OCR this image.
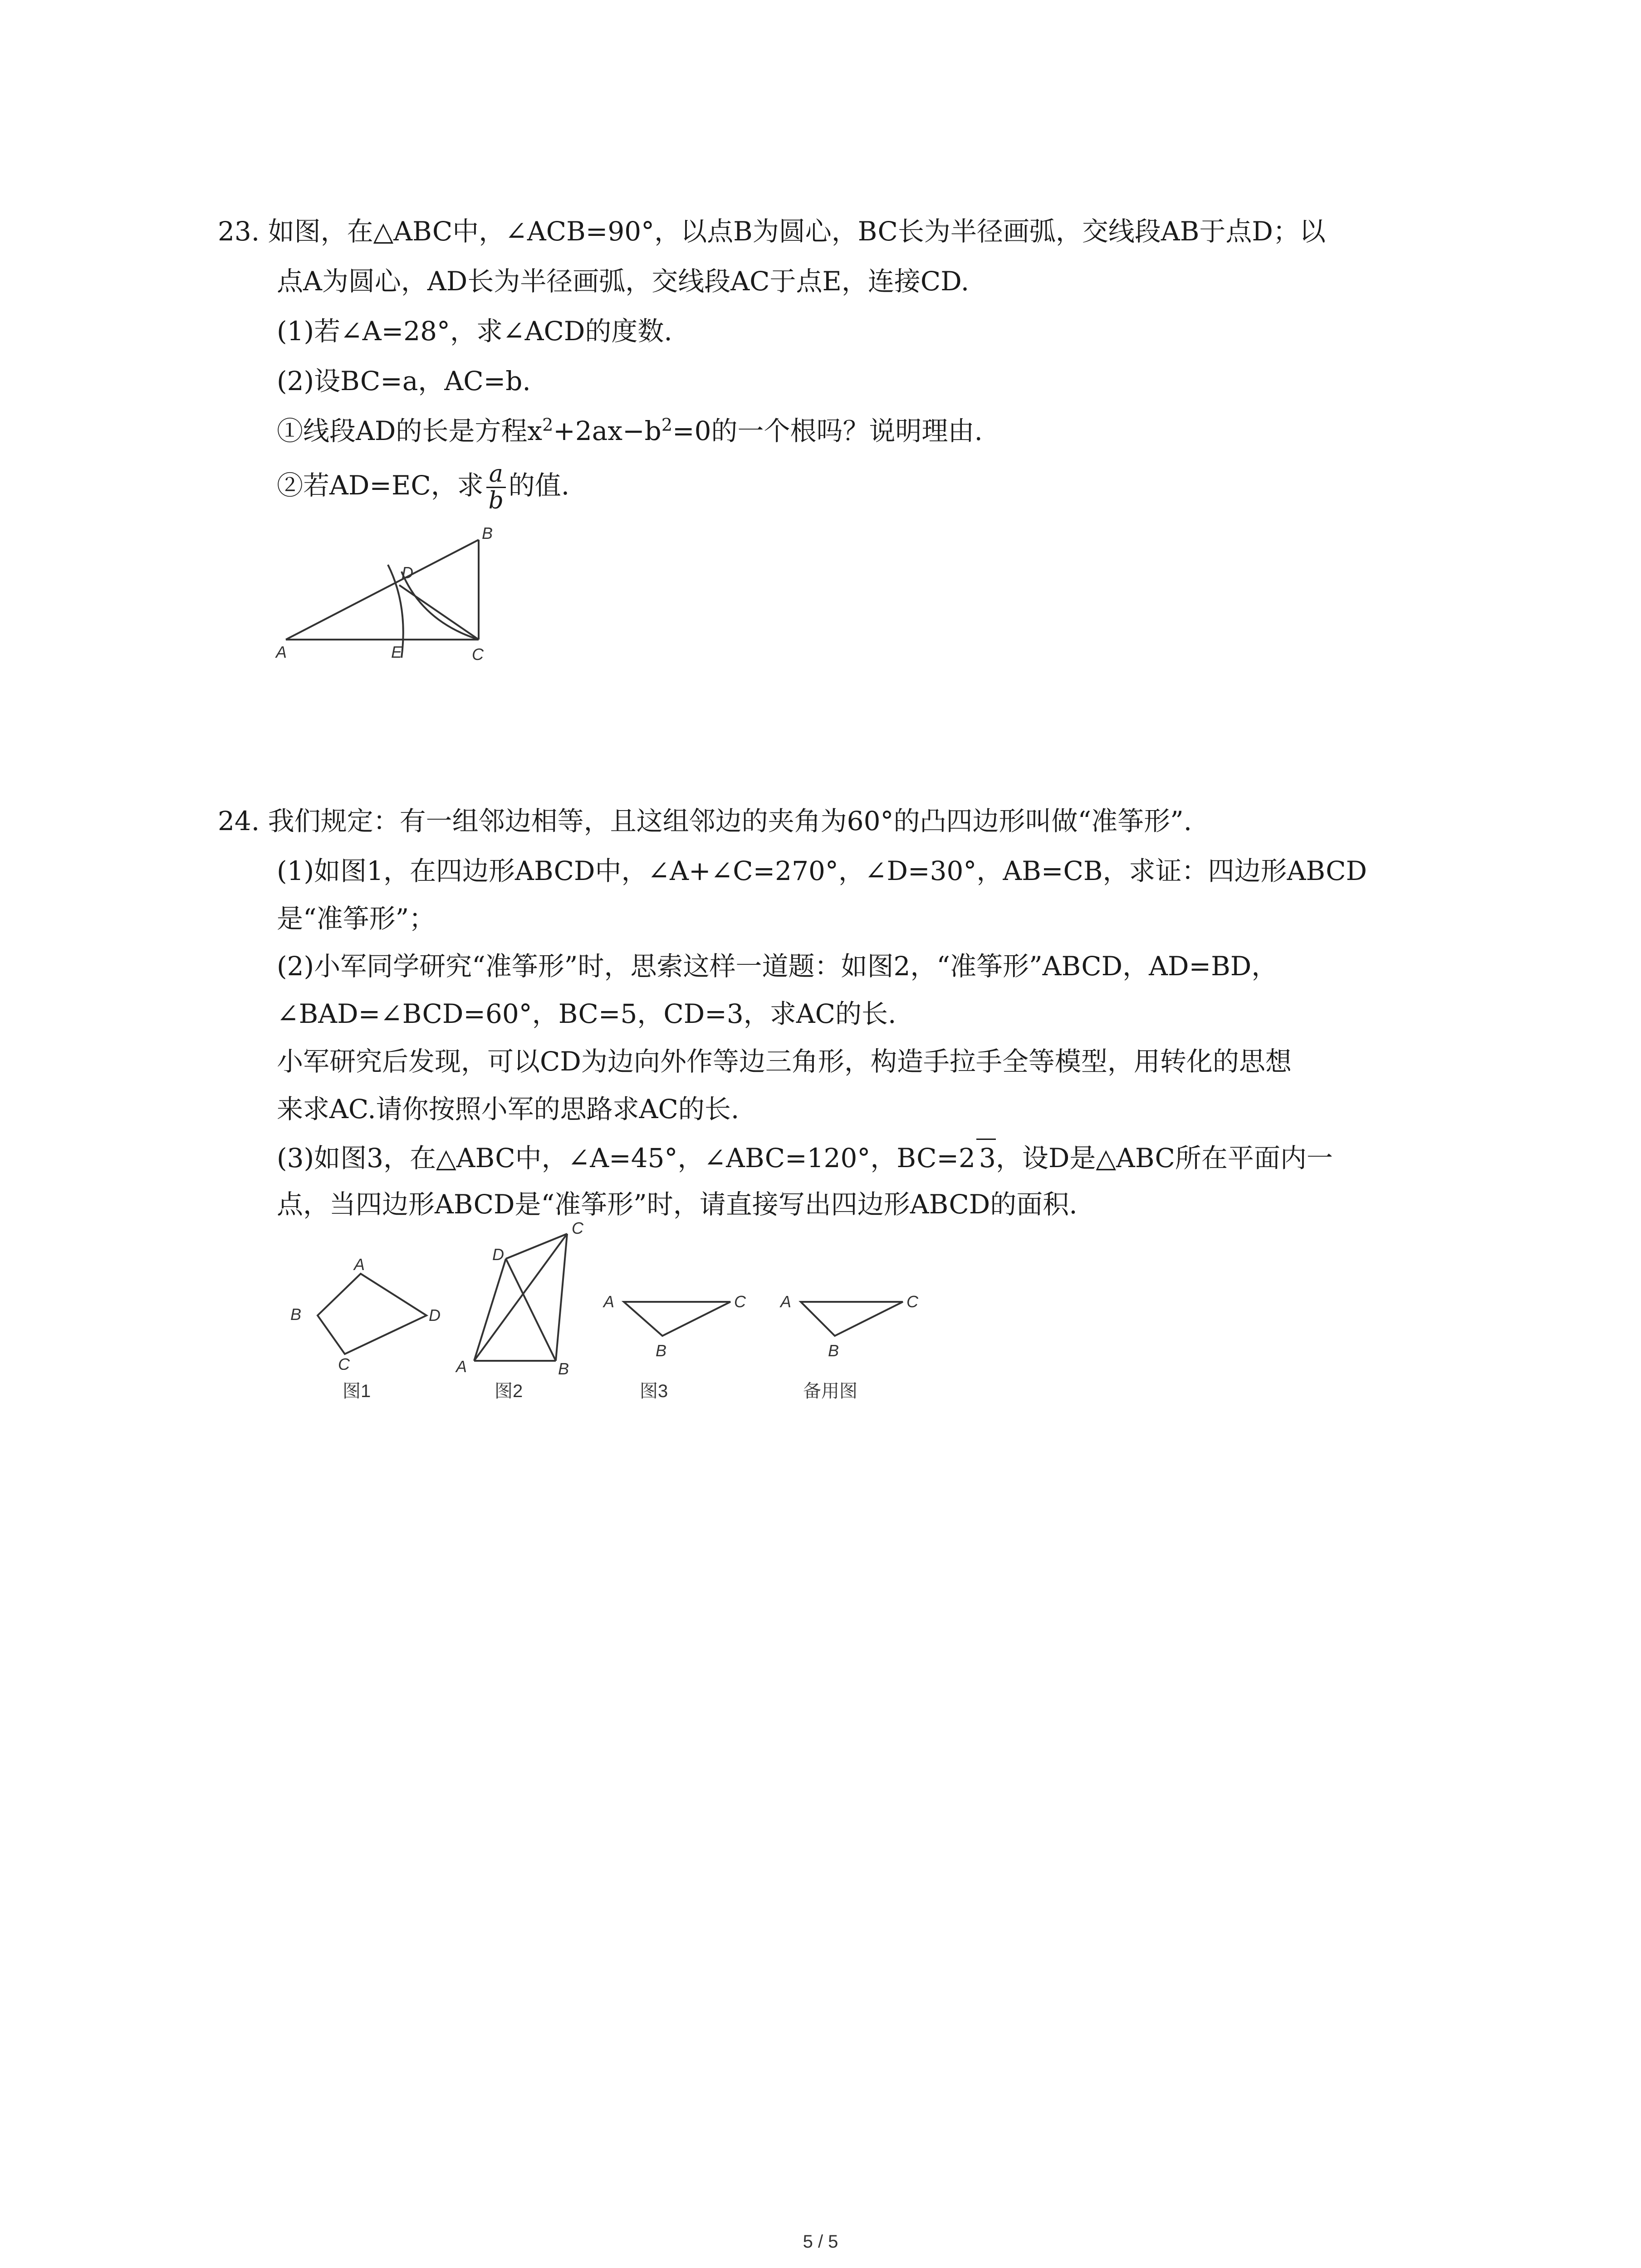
23. 如图，在△ABC中，∠ACB=90°，以点B为圆心，BC长为半径画弧，交线段AB于点D；以
点A为圆心，AD长为半径画弧，交线段AC于点E，连接CD.
(1)若∠A=28°，求∠ACD的度数.
(2)设BC=a，AC=b.
①线段AD的长是方程$x^2+2ax-b^2=0$的一个根吗？说明理由.
②若AD=EC，求 $\frac{a}{b}$ 的值.
A
B
C
D
E
24. 我们规定：有一组邻边相等，且这组邻边的夹角为60°的凸四边形叫做“准筝形”.
(1)如图1，在四边形ABCD中，∠A+∠C=270°，∠D=30°，AB=CB，求证：四边形ABCD
是“准筝形”；
(2)小军同学研究“准筝形”时，思索这样一道题：如图2，“准筝形”ABCD，AD=BD，
∠BAD=∠BCD=60°，BC=5，CD=3，求AC的长.
小军研究后发现，可以CD为边向外作等边三角形，构造手拉手全等模型，用转化的思想
来求AC.请你按照小军的思路求AC的长.
(3)如图3，在△ABC中，∠A=45°，∠ABC=120°，BC=2 3，设D是△ABC所在平面内一
点，当四边形ABCD是“准筝形”时，请直接写出四边形ABCD的面积.
A
B
C
D
图1
C
D
A	B
图2
A	C
B
图3
A	C
B
备用图
5 / 5
